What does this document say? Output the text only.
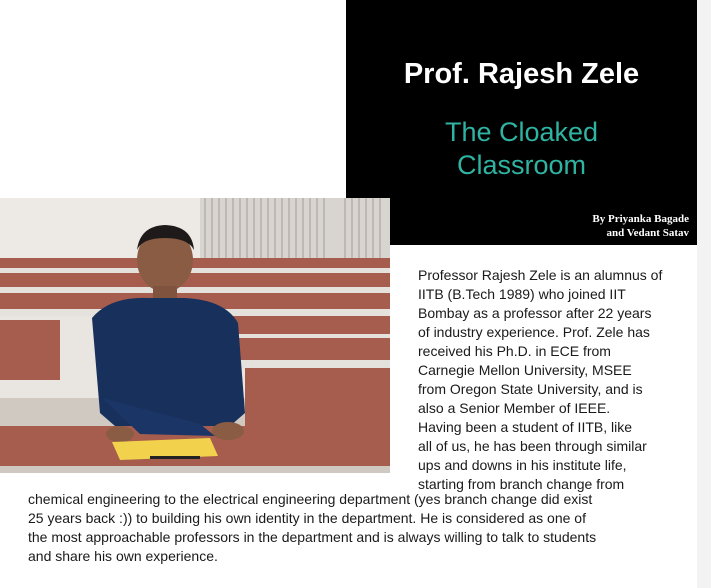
Prof. Rajesh Zele
The Cloaked
Classroom
By Priyanka Bagade
and Vedant Satav
Professor Rajesh Zele is an alumnus of
IITB (B.Tech 1989) who joined IIT
Bombay as a professor after 22 years
of industry experience. Prof. Zele has
received his Ph.D. in ECE from
Carnegie Mellon University, MSEE
from Oregon State University, and is
also a Senior Member of IEEE.
Having been a student of IITB, like
all of us, he has been through similar
ups and downs in his institute life,
starting from branch change from
chemical engineering to the electrical engineering department (yes branch change did exist
25 years back :)) to building his own identity in the department. He is considered as one of
the most approachable professors in the department and is always willing to talk to students
and share his own experience.
